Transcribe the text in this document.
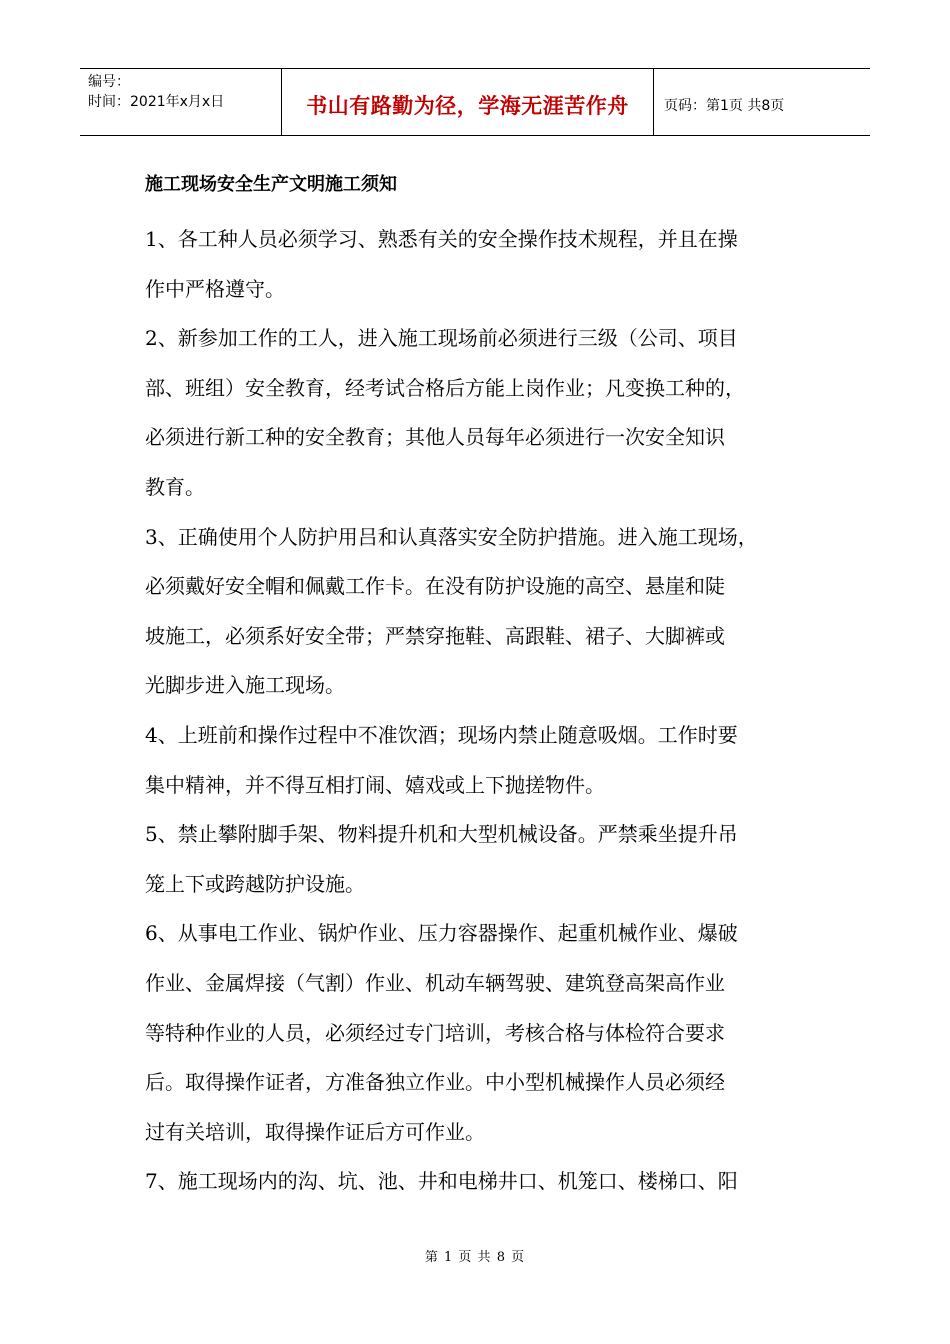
编号：
时间：2021年x月x日	书山有路勤为径，学海无涯苦作舟	页码：第1页 共8页
施工现场安全生产文明施工须知
1、各工种人员必须学习、熟悉有关的安全操作技术规程，并且在操
作中严格遵守。
2、新参加工作的工人，进入施工现场前必须进行三级（公司、项目
部、班组）安全教育，经考试合格后方能上岗作业；凡变换工种的，
必须进行新工种的安全教育；其他人员每年必须进行一次安全知识
教育。
3、正确使用个人防护用吕和认真落实安全防护措施。进入施工现场，
必须戴好安全帽和佩戴工作卡。在没有防护设施的高空、悬崖和陡
坡施工，必须系好安全带；严禁穿拖鞋、高跟鞋、裙子、大脚裤或
光脚步进入施工现场。
4、上班前和操作过程中不准饮酒；现场内禁止随意吸烟。工作时要
集中精神，并不得互相打闹、嬉戏或上下抛搓物件。
5、禁止攀附脚手架、物料提升机和大型机械设备。严禁乘坐提升吊
笼上下或跨越防护设施。
6、从事电工作业、锅炉作业、压力容器操作、起重机械作业、爆破
作业、金属焊接（气割）作业、机动车辆驾驶、建筑登高架高作业
等特种作业的人员，必须经过专门培训，考核合格与体检符合要求
后。取得操作证者，方准备独立作业。中小型机械操作人员必须经
过有关培训，取得操作证后方可作业。
7、施工现场内的沟、坑、池、井和电梯井口、机笼口、楼梯口、阳
第 1 页 共 8 页
